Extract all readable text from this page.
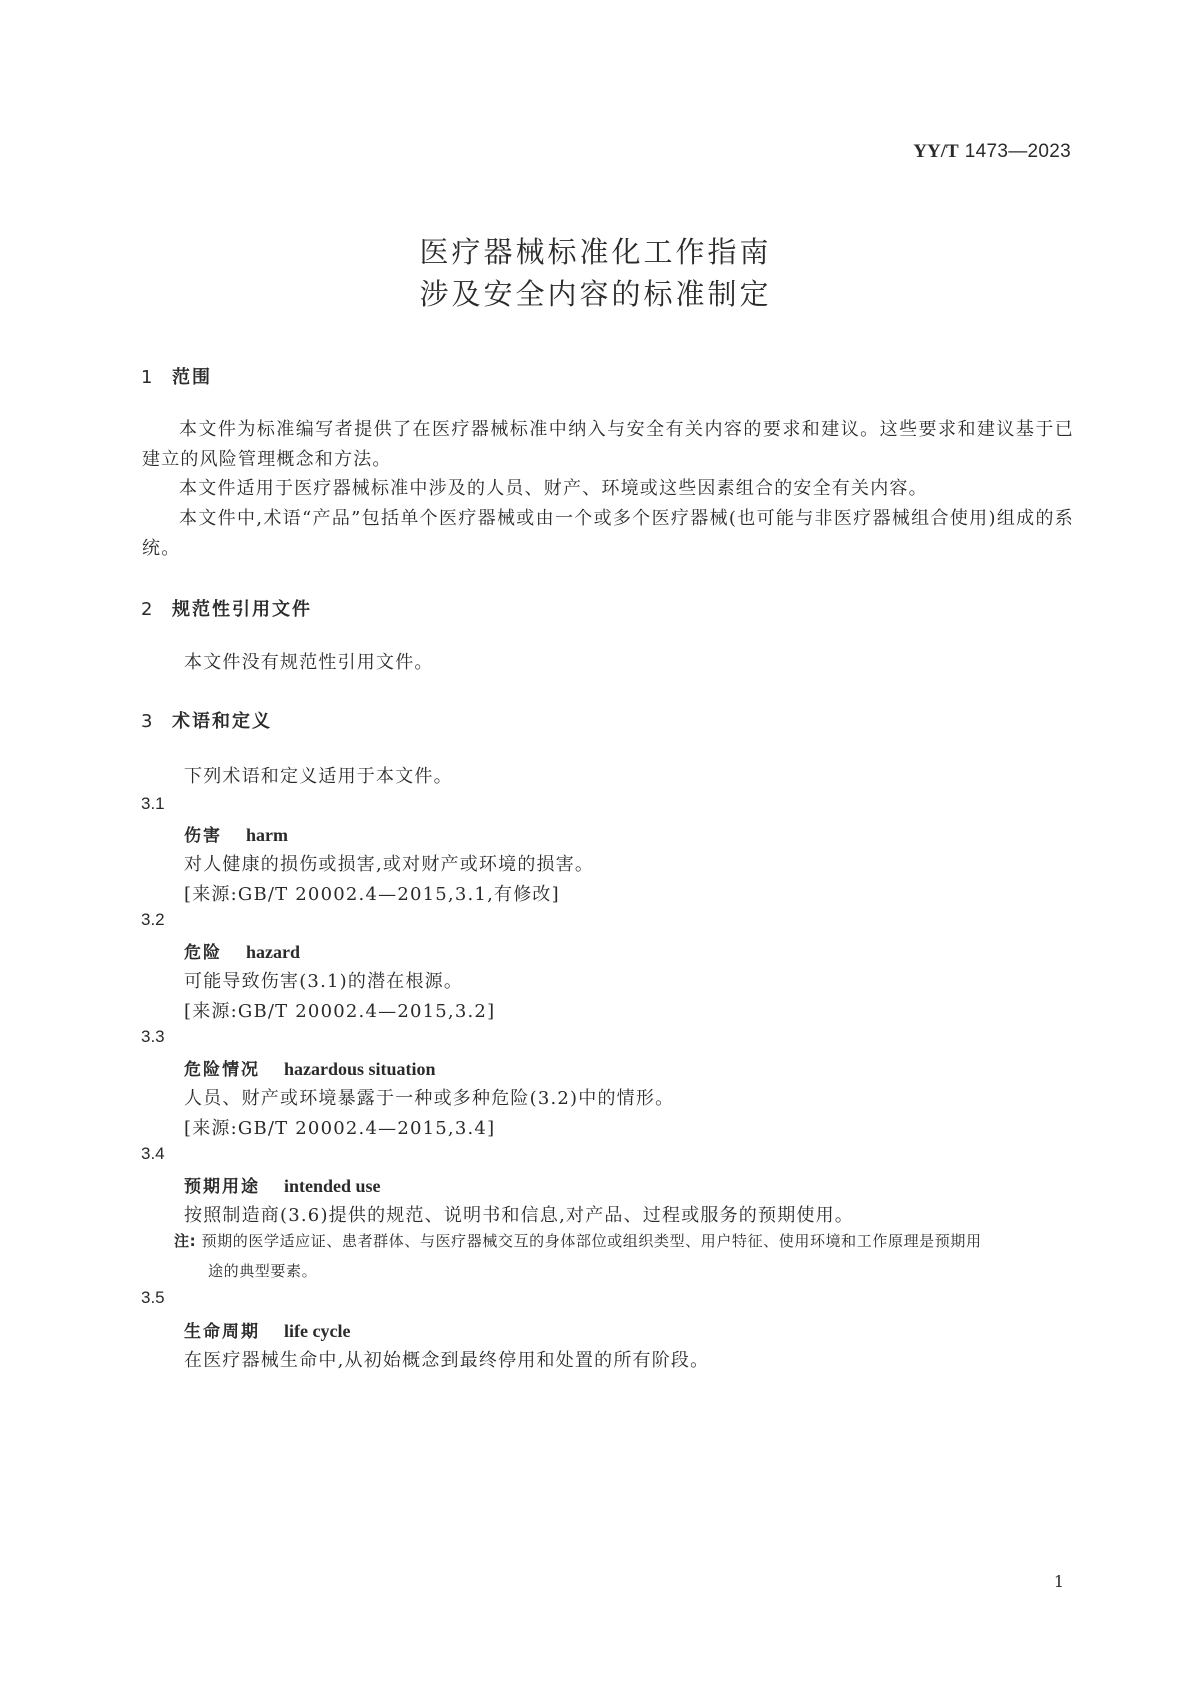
YY/T 1473—2023
医疗器械标准化工作指南
涉及安全内容的标准制定
1 范围
本文件为标准编写者提供了在医疗器械标准中纳入与安全有关内容的要求和建议。这些要求和建议基于已建立的风险管理概念和方法。
本文件适用于医疗器械标准中涉及的人员、财产、环境或这些因素组合的安全有关内容。
本文件中,术语“产品”包括单个医疗器械或由一个或多个医疗器械(也可能与非医疗器械组合使用)组成的系统。
2 规范性引用文件
本文件没有规范性引用文件。
3 术语和定义
下列术语和定义适用于本文件。
3.1
伤害 harm
对人健康的损伤或损害,或对财产或环境的损害。
[来源:GB/T 20002.4—2015,3.1,有修改]
3.2
危险 hazard
可能导致伤害(3.1)的潜在根源。
[来源:GB/T 20002.4—2015,3.2]
3.3
危险情况 hazardous situation
人员、财产或环境暴露于一种或多种危险(3.2)中的情形。
[来源:GB/T 20002.4—2015,3.4]
3.4
预期用途 intended use
按照制造商(3.6)提供的规范、说明书和信息,对产品、过程或服务的预期使用。
注: 预期的医学适应证、患者群体、与医疗器械交互的身体部位或组织类型、用户特征、使用环境和工作原理是预期用
途的典型要素。
3.5
生命周期 life cycle
在医疗器械生命中,从初始概念到最终停用和处置的所有阶段。
1
